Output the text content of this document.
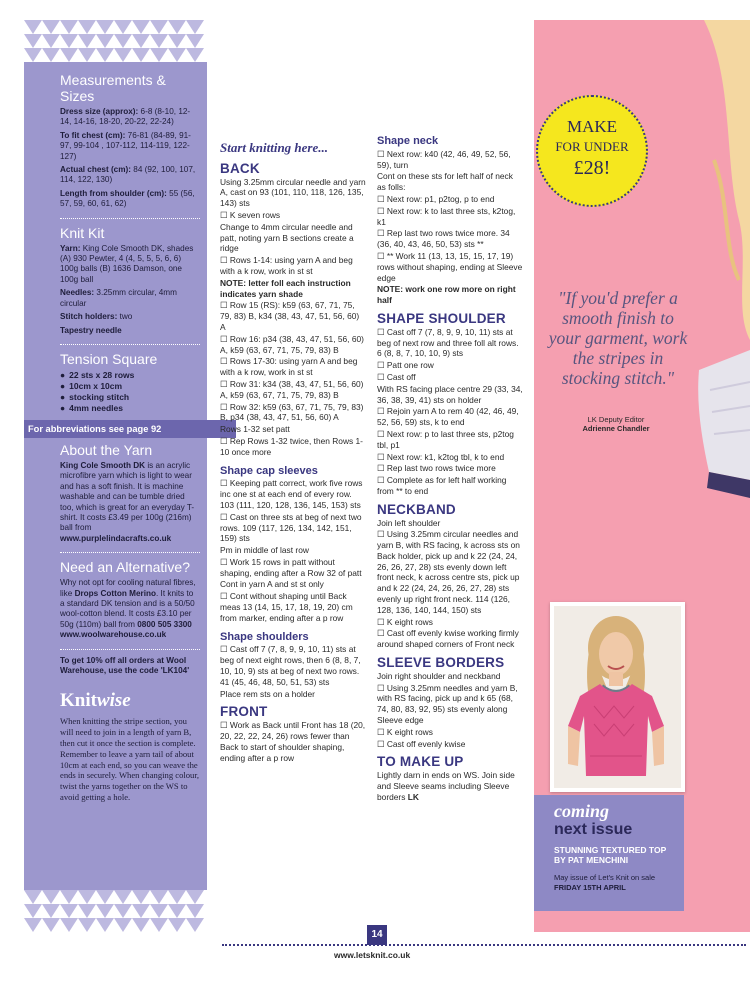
Measurements & Sizes

Dress size (approx): 6-8 (8-10, 12-14, 14-16, 18-20, 20-22, 22-24)

To fit chest (cm): 76-81 (84-89, 91-97, 99-104 , 107-112, 114-119, 122-127)

Actual chest (cm): 84 (92, 100, 107, 114, 122, 130)

Length from shoulder (cm): 55 (56, 57, 59, 60, 61, 62)

Knit Kit

Yarn: King Cole Smooth DK, shades (A) 930 Pewter, 4 (4, 5, 5, 5, 6, 6) 100g balls (B) 1636 Damson, one 100g ball

Needles: 3.25mm circular, 4mm circular

Stitch holders: two

Tapestry needle

Tension Square
● 22 sts x 28 rows
● 10cm x 10cm
● stocking stitch
● 4mm needles
For abbreviations see page 92
About the Yarn

King Cole Smooth DK is an acrylic microfibre yarn which is light to wear and has a soft finish. It is machine washable and can be tumble dried too, which is great for an everyday T-shirt. It costs £3.49 per 100g (216m) ball from www.purplelindacrafts.co.uk

Need an Alternative?

Why not opt for cooling natural fibres, like Drops Cotton Merino. It knits to a standard DK tension and is a 50/50 wool-cotton blend. It costs £3.10 per 50g (110m) ball from 0800 505 3300 www.woolwarehouse.co.uk

To get 10% off all orders at Wool Warehouse, use the code 'LK104'

Knitwise
When knitting the stripe section, you will need to join in a length of yarn B, then cut it once the section is complete. Remember to leave a yarn tail of about 10cm at each end, so you can weave the ends in securely. When changing colour, twist the yarns together on the WS to avoid getting a hole.
Start knitting here...
BACK

Using 3.25mm circular needle and yarn A, cast on 93 (101, 110, 118, 126, 135, 143) sts

☐ K seven rows

Change to 4mm circular needle and patt, noting yarn B sections create a ridge

☐ Rows 1-14: using yarn A and beg with a k row, work in st st

NOTE: letter foll each instruction indicates yarn shade

☐ Row 15 (RS): k59 (63, 67, 71, 75, 79, 83) B, k34 (38, 43, 47, 51, 56, 60) A

☐ Row 16: p34 (38, 43, 47, 51, 56, 60) A, k59 (63, 67, 71, 75, 79, 83) B

☐ Rows 17-30: using yarn A and beg with a k row, work in st st

☐ Row 31: k34 (38, 43, 47, 51, 56, 60) A, k59 (63, 67, 71, 75, 79, 83) B

☐ Row 32: k59 (63, 67, 71, 75, 79, 83) B, p34 (38, 43, 47, 51, 56, 60) A

Rows 1-32 set patt

☐ Rep Rows 1-32 twice, then Rows 1-10 once more

Shape cap sleeves

☐ Keeping patt correct, work five rows inc one st at each end of every row. 103 (111, 120, 128, 136, 145, 153) sts

☐ Cast on three sts at beg of next two rows. 109 (117, 126, 134, 142, 151, 159) sts

Pm in middle of last row

☐ Work 15 rows in patt without shaping, ending after a Row 32 of patt

Cont in yarn A and st st only

☐ Cont without shaping until Back meas 13 (14, 15, 17, 18, 19, 20) cm from marker, ending after a p row

Shape shoulders

☐ Cast off 7 (7, 8, 9, 9, 10, 11) sts at beg of next eight rows, then 6 (8, 8, 7, 10, 10, 9) sts at beg of next two rows. 41 (45, 46, 48, 50, 51, 53) sts

Place rem sts on a holder

FRONT

☐ Work as Back until Front has 18 (20, 20, 22, 22, 24, 26) rows fewer than Back to start of shoulder shaping, ending after a p row

Shape neck

☐ Next row: k40 (42, 46, 49, 52, 56, 59), turn

Cont on these sts for left half of neck as folls:

☐ Next row: p1, p2tog, p to end

☐ Next row: k to last three sts, k2tog, k1

☐ Rep last two rows twice more. 34 (36, 40, 43, 46, 50, 53) sts **

☐ ** Work 11 (13, 13, 15, 15, 17, 19) rows without shaping, ending at Sleeve edge

NOTE: work one row more on right half

SHAPE SHOULDER

☐ Cast off 7 (7, 8, 9, 9, 10, 11) sts at beg of next row and three foll alt rows. 6 (8, 8, 7, 10, 10, 9) sts

☐ Patt one row

☐ Cast off

With RS facing place centre 29 (33, 34, 36, 38, 39, 41) sts on holder

☐ Rejoin yarn A to rem 40 (42, 46, 49, 52, 56, 59) sts, k to end

☐ Next row: p to last three sts, p2tog tbl, p1

☐ Next row: k1, k2tog tbl, k to end

☐ Rep last two rows twice more

☐ Complete as for left half working from ** to end

NECKBAND

Join left shoulder

☐ Using 3.25mm circular needles and yarn B, with RS facing, k across sts on Back holder, pick up and k 22 (24, 24, 26, 26, 27, 28) sts evenly down left front neck, k across centre sts, pick up and k 22 (24, 24, 26, 26, 27, 28) sts evenly up right front neck. 114 (126, 128, 136, 140, 144, 150) sts

☐ K eight rows

☐ Cast off evenly kwise working firmly around shaped corners of Front neck

SLEEVE BORDERS

Join right shoulder and neckband

☐ Using 3.25mm needles and yarn B, with RS facing, pick up and k 65 (68, 74, 80, 83, 92, 95) sts evenly along Sleeve edge

☐ K eight rows

☐ Cast off evenly kwise

TO MAKE UP

Lightly darn in ends on WS. Join side and Sleeve seams including Sleeve borders LK

MAKE
FOR UNDER
£28!
"If you'd prefer a smooth finish to your garment, work the stripes in stocking stitch."
LK Deputy Editor
Adrienne Chandler
coming
next issue
STUNNING TEXTURED TOP BY PAT MENCHINI
May issue of Let's Knit on sale FRIDAY 15TH APRIL
14
www.letsknit.co.uk
